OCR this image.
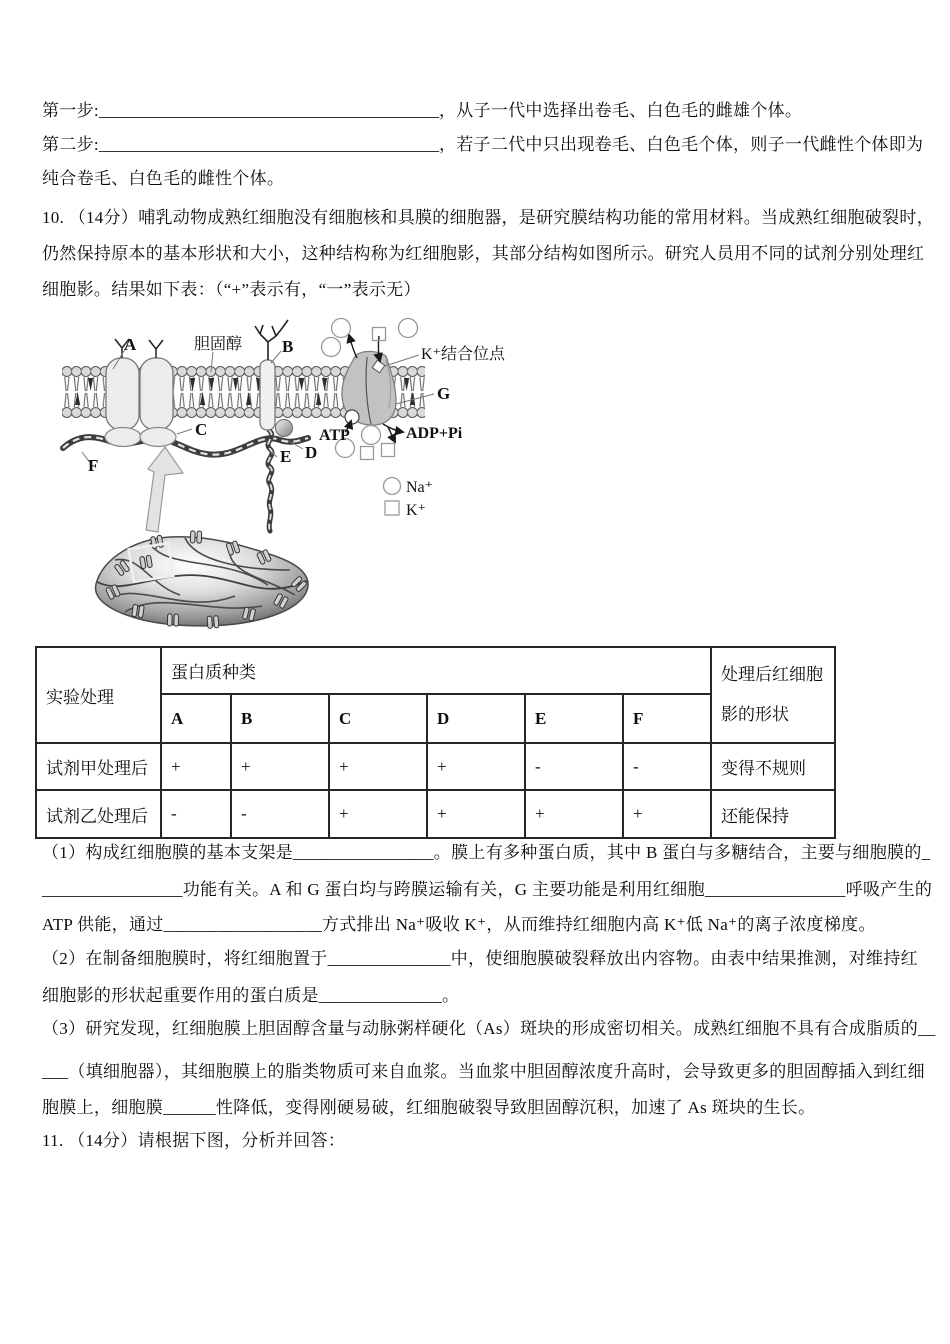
第一步:________________________________________，从子一代中选择出卷毛、白色毛的雌雄个体。
第二步:________________________________________，若子二代中只出现卷毛、白色毛个体，则子一代雌性个体即为
纯合卷毛、白色毛的雌性个体。
10. （14分）哺乳动物成熟红细胞没有细胞核和具膜的细胞器，是研究膜结构功能的常用材料。当成熟红细胞破裂时，
仍然保持原本的基本形状和大小，这种结构称为红细胞影，其部分结构如图所示。研究人员用不同的试剂分别处理红
细胞影。结果如下表：（“+”表示有，“一”表示无）
Na⁺
K⁺
A	B
C
D
E
F
G
胆固醇
K⁺结合位点
ATP	ADP+Pi
实验处理	蛋白质种类						处理后红细胞影的形状
	A	B	C	D	E	F	
试剂甲处理后	+	+	+	+	-	-	变得不规则
试剂乙处理后	-	-	+	+	+	+	还能保持
（1）构成红细胞膜的基本支架是________________。膜上有多种蛋白质，其中 B 蛋白与多糖结合，主要与细胞膜的_
________________功能有关。A 和 G 蛋白均与跨膜运输有关，G 主要功能是利用红细胞________________呼吸产生的
ATP 供能，通过__________________方式排出 Na⁺吸收 K⁺，从而维持红细胞内高 K⁺低 Na⁺的离子浓度梯度。
（2）在制备细胞膜时，将红细胞置于______________中，使细胞膜破裂释放出内容物。由表中结果推测，对维持红
细胞影的形状起重要作用的蛋白质是______________。
（3）研究发现，红细胞膜上胆固醇含量与动脉粥样硬化（As）斑块的形成密切相关。成熟红细胞不具有合成脂质的__
___（填细胞器），其细胞膜上的脂类物质可来自血浆。当血浆中胆固醇浓度升高时，会导致更多的胆固醇插入到红细
胞膜上，细胞膜______性降低，变得刚硬易破，红细胞破裂导致胆固醇沉积，加速了 As 斑块的生长。
11. （14分）请根据下图，分析并回答：
